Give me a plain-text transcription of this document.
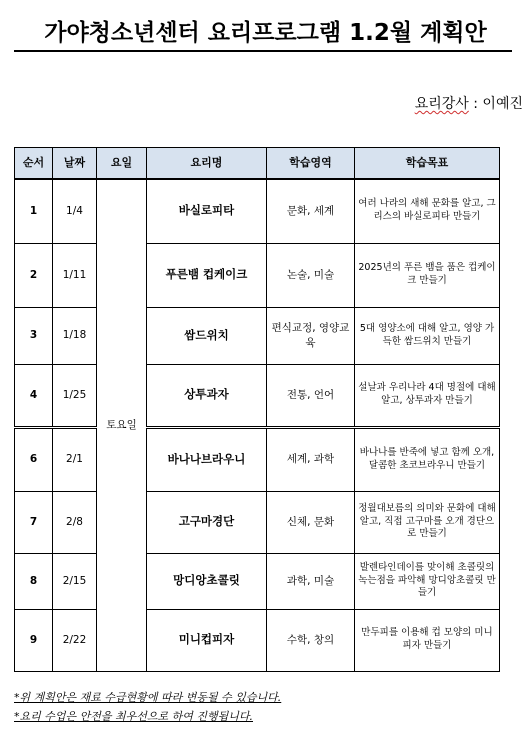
가야청소년센터 요리프로그램 1.2월 계획안
요리강사 : 이예진
순서	날짜	요일	요리명	학습영역	학습목표
1	1/4	토요일	바실로피타	문화, 세계	여러 나라의 새해 문화를 알고, 그리스의 바실로피타 만들기
2	1/11		푸른뱀 컵케이크	논술, 미술	2025년의 푸른 뱀을 품은 컵케이크 만들기
3	1/18		쌈드위치	편식교정, 영양교육	5대 영양소에 대해 알고, 영양 가득한 쌈드위치 만들기
4	1/25		상투과자	전통, 언어	설날과 우리나라 4대 명절에 대해 알고, 상투과자 만들기
6	2/1		바나나브라우니	세계, 과학	바나나를 반죽에 넣고 함께 오개, 달콤한 초코브라우니 만들기
7	2/8		고구마경단	신체, 문화	정월대보름의 의미와 문화에 대해 알고, 직접 고구마를 오개 경단으로 만들기
8	2/15		망디앙초콜릿	과학, 미술	발렌타인데이를 맞이해 초콜릿의 녹는점을 파악해 망디앙초콜릿 만들기
9	2/22		미니컵피자	수학, 창의	만두피를 이용해 컵 모양의 미니피자 만들기
*위 계획안은 재료 수급현황에 따라 변동될 수 있습니다.
*요리 수업은 안전을 최우선으로 하여 진행됩니다.
